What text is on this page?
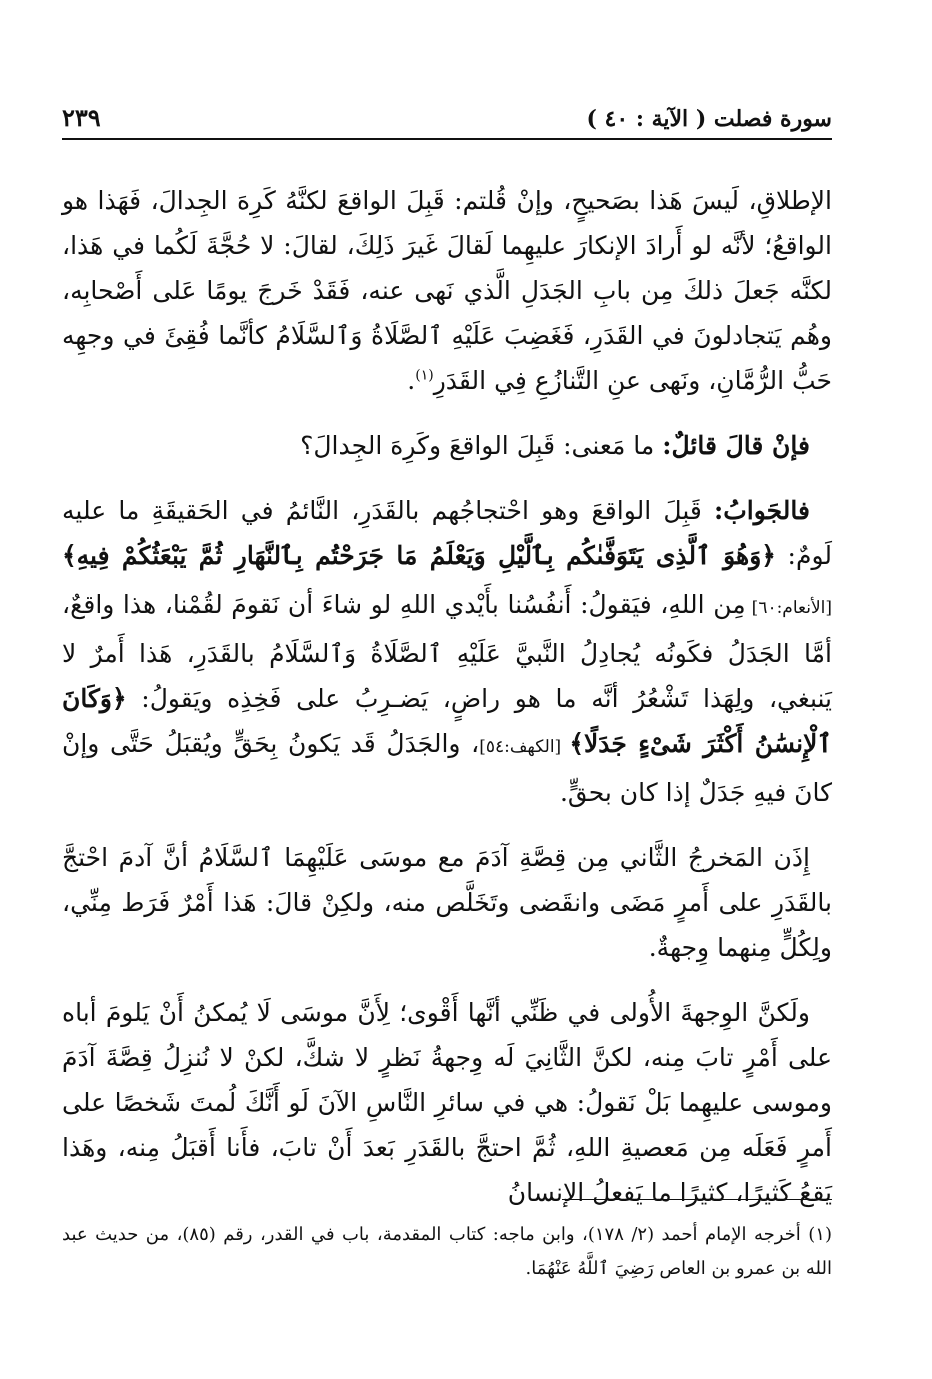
سورة فصلت ( الآية : ٤٠ )
٢٣٩

الإطلاقِ، لَيسَ هَذا بصَحيحٍ، وإنْ قُلتم: قَبِلَ الواقعَ لكنَّهُ كَرِهَ الجِدالَ، فَهَذا هو الواقعُ؛ لأنَّه لو أَرادَ الإنكارَ عليهِما لَقالَ غَيرَ ذَلِكَ، لقالَ: لا حُجَّةَ لَكُما في هَذا، لكنَّه جَعلَ ذلكَ مِن بابِ الجَدَلِ الَّذي نَهى عنه، فَقَدْ خَرجَ يومًا عَلى أَصْحابِه، وهُم يَتجادلونَ في القَدَرِ، فَغَضِبَ عَلَيْهِ ٱلصَّلَاةُ وَٱلسَّلَامُ كأنَّما فُقِئَ في وجهِه حَبُّ الرُّمَّانِ، ونَهى عنِ التَّنازُعِ فِي القَدَرِ$^{(١)}$.

فإنْ قالَ قائلٌ: ما مَعنى: قَبِلَ الواقعَ وكَرِهَ الجِدالَ؟

فالجَوابُ: قَبِلَ الواقعَ وهو احْتجاجُهم بالقَدَرِ، النَّائمُ في الحَقيقَةِ ما عليه لَومٌ: ﴿وَهُوَ ٱلَّذِى يَتَوَفَّىٰكُم بِٱلَّيْلِ وَيَعْلَمُ مَا جَرَحْتُم بِٱلنَّهَارِ ثُمَّ يَبْعَثُكُمْ فِيهِ﴾ [الأنعام:٦٠] مِن اللهِ، فيَقولُ: أَنفُسُنا بأَيْدي اللهِ لو شاءَ أن نَقومَ لقُمْنا، هذا واقعٌ، أمَّا الجَدَلُ فكَونُه يُجادِلُ النَّبيَّ عَلَيْهِ ٱلصَّلَاةُ وَٱلسَّلَامُ بالقَدَرِ، هَذا أَمرٌ لا يَنبغي، ولِهَذا تَشْعُرُ أنَّه ما هو راضٍ، يَضـرِبُ على فَخِذِه ويَقولُ: ﴿وَكَانَ ٱلْإِنسَٰنُ أَكْثَرَ شَىْءٍ جَدَلًا﴾ [الكهف:٥٤]، والجَدَلُ قَد يَكونُ بِحَقٍّ ويُقبَلُ حَتَّى وإنْ كانَ فيهِ جَدَلٌ إذا كان بحقٍّ.

إِذَن المَخرجُ الثَّاني مِن قِصَّةِ آدَمَ مع موسَى عَلَيْهِمَا ٱلسَّلَامُ أنَّ آدمَ احْتجَّ بالقَدَرِ على أَمرٍ مَضَى وانقَضى وتَخَلَّص منه، ولكِنْ قالَ: هَذا أَمْرٌ فَرَط مِنِّي، ولِكُلٍّ مِنهما وِجهةٌ.

ولَكنَّ الوِجهةَ الأُولى في ظَنِّي أنَّها أَقْوى؛ لِأَنَّ موسَى لَا يُمكنُ أَنْ يَلومَ أباه على أَمْرٍ تابَ مِنه، لكنَّ الثَّانِيَ لَه وِجهةُ نَظرٍ لا شكَّ، لكنْ لا نُنزِلُ قِصَّةَ آدَمَ وموسى عليهِما بَلْ نَقولُ: هي في سائرِ النَّاسِ الآنَ لَو أَنَّكَ لُمتَ شَخصًا على أَمرٍ فَعَلَه مِن مَعصيةِ اللهِ، ثُمَّ احتجَّ بالقَدَرِ بَعدَ أَنْ تابَ، فأَنا أَقبَلُ مِنه، وهَذا يَقعُ كَثيرًا، كثيرًا ما يَفعلُ الإنسانُ

(١) أخرجه الإمام أحمد (٢/ ١٧٨)، وابن ماجه: كتاب المقدمة، باب في القدر، رقم (٨٥)، من حديث عبد الله بن عمرو بن العاص رَضِيَ ٱللَّهُ عَنْهُمَا.
